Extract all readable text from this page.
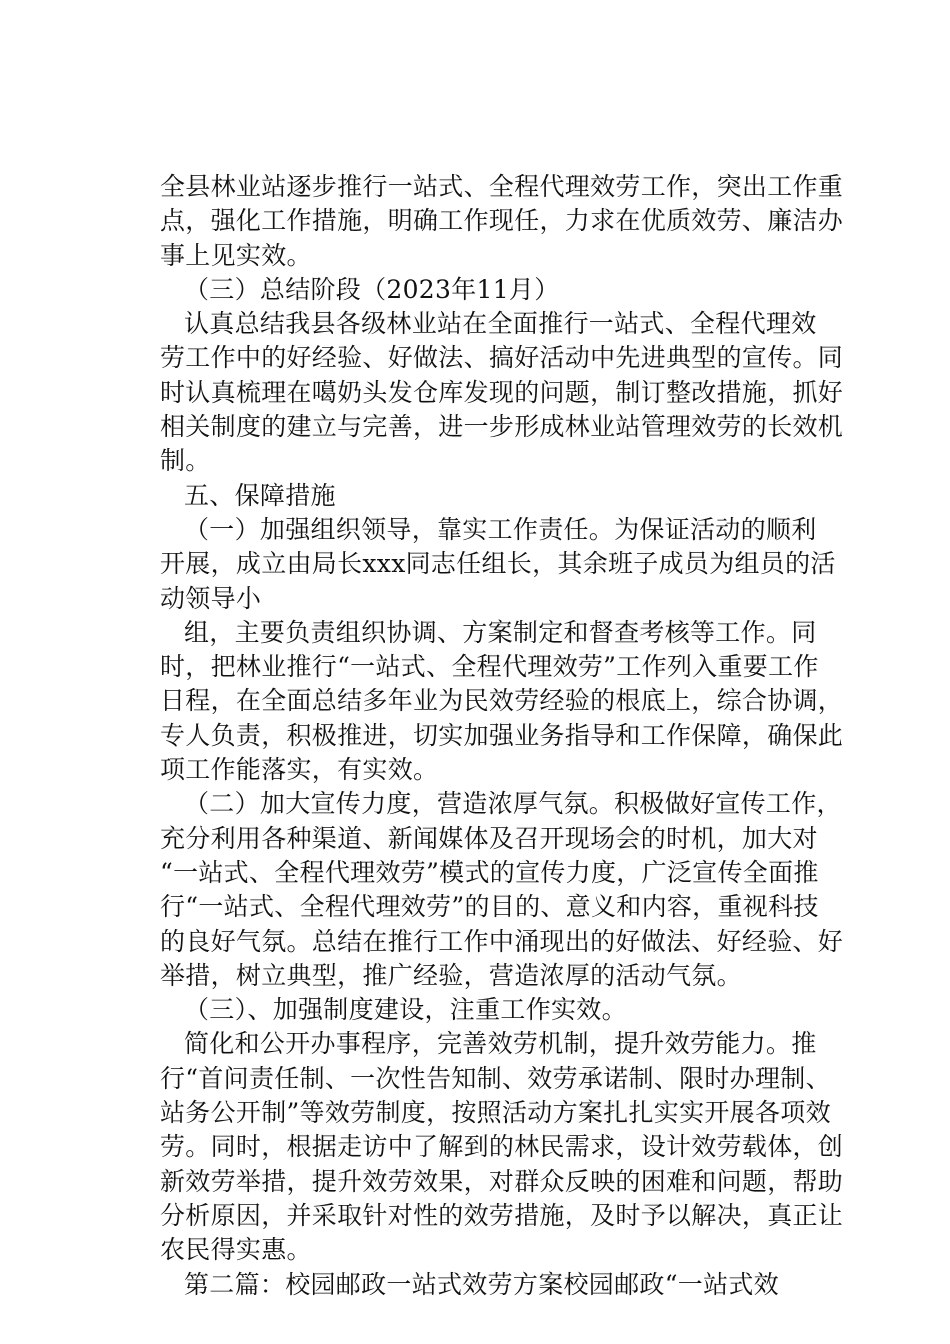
全县林业站逐步推行一站式、全程代理效劳工作，突出工作重
点，强化工作措施，明确工作现任，力求在优质效劳、廉洁办
事上见实效。
（三）总结阶段（2023年11月）
认真总结我县各级林业站在全面推行一站式、全程代理效
劳工作中的好经验、好做法、搞好活动中先进典型的宣传。同
时认真梳理在噶奶头发仓库发现的问题，制订整改措施，抓好
相关制度的建立与完善，进一步形成林业站管理效劳的长效机
制。
五、保障措施
（一）加强组织领导，靠实工作责任。为保证活动的顺利
开展，成立由局长xxx同志任组长，其余班子成员为组员的活
动领导小
组，主要负责组织协调、方案制定和督查考核等工作。同
时，把林业推行“一站式、全程代理效劳”工作列入重要工作
日程，在全面总结多年业为民效劳经验的根底上，综合协调，
专人负责，积极推进，切实加强业务指导和工作保障，确保此
项工作能落实，有实效。
（二）加大宣传力度，营造浓厚气氛。积极做好宣传工作，
充分利用各种渠道、新闻媒体及召开现场会的时机，加大对
“一站式、全程代理效劳”模式的宣传力度，广泛宣传全面推
行“一站式、全程代理效劳”的目的、意义和内容，重视科技
的良好气氛。总结在推行工作中涌现出的好做法、好经验、好
举措，树立典型，推广经验，营造浓厚的活动气氛。
（三）、加强制度建设，注重工作实效。
简化和公开办事程序，完善效劳机制，提升效劳能力。推
行“首问责任制、一次性告知制、效劳承诺制、限时办理制、
站务公开制”等效劳制度，按照活动方案扎扎实实开展各项效
劳。同时，根据走访中了解到的林民需求，设计效劳载体，创
新效劳举措，提升效劳效果，对群众反映的困难和问题，帮助
分析原因，并采取针对性的效劳措施，及时予以解决，真正让
农民得实惠。
第二篇：校园邮政一站式效劳方案校园邮政“一站式效
